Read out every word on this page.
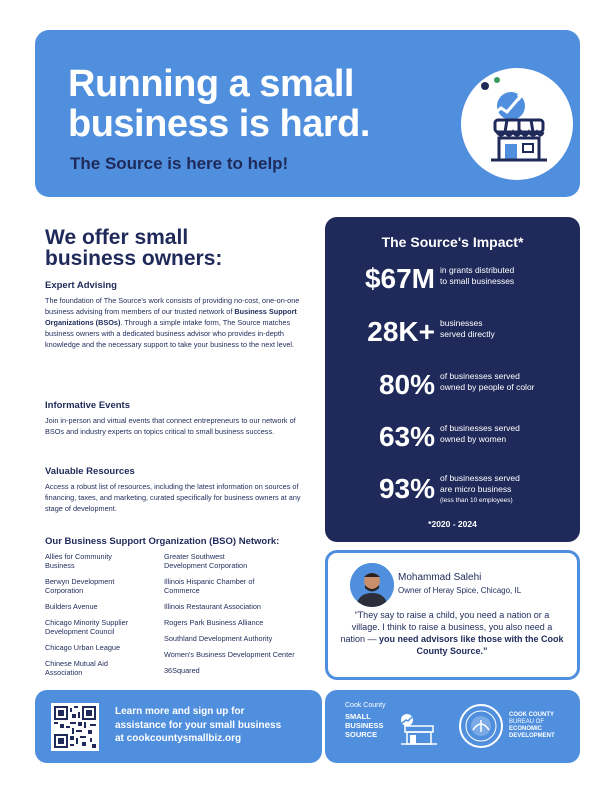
Running a small
business is hard.
The Source is here to help!
We offer small
business owners:
Expert Advising
The foundation of The Source's work consists of providing no-cost, one-on-one business advising from members of our trusted network of Business Support Organizations (BSOs). Through a simple intake form, The Source matches business owners with a dedicated business advisor who provides in-depth knowledge and the necessary support to take your business to the next level.
Informative Events
Join in-person and virtual events that connect entrepreneurs to our network of BSOs and industry experts on topics critical to small business success.
Valuable Resources
Access a robust list of resources, including the latest information on sources of financing, taxes, and marketing, curated specifically for business owners at any stage of development.
Our Business Support Organization (BSO) Network:
Allies for Community Business
Berwyn Development Corporation
Builders Avenue
Chicago Minority Supplier Development Council
Chicago Urban League
Chinese Mutual Aid Association
Greater Southwest Development Corporation
Illinois Hispanic Chamber of Commerce
Illinois Restaurant Association
Rogers Park Business Alliance
Southland Development Authority
Women's Business Development Center
36Squared
The Source's Impact*
$67M in grants distributed
to small businesses
28K+ businesses
served directly
80% of businesses served
owned by people of color
63% of businesses served
owned by women
93% of businesses served
are micro business
(less than 10 employees)
*2020 - 2024
Mohammad Salehi
Owner of Heray Spice, Chicago, IL
“They say to raise a child, you need a nation or a village. I think to raise a business, you also need a nation — you need advisors like those with the Cook County Source.”
Learn more and sign up for
assistance for your small business
at cookcountysmallbiz.org
Cook County
SMALL
BUSINESS
SOURCE
COOK COUNTY
BUREAU OF
ECONOMIC
DEVELOPMENT
